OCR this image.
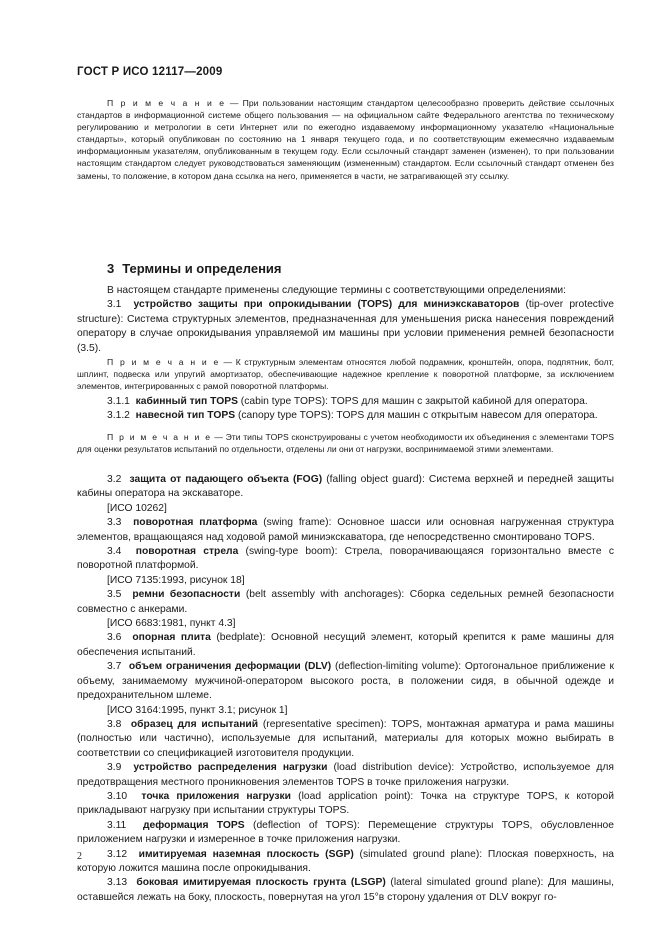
ГОСТ Р ИСО 12117—2009

П р и м е ч а н и е — При пользовании настоящим стандартом целесообразно проверить действие ссылочных стандартов в информационной системе общего пользования — на официальном сайте Федерального агентства по техническому регулированию и метрологии в сети Интернет или по ежегодно издаваемому информационному указателю «Национальные стандарты», который опубликован по состоянию на 1 января текущего года, и по соответствующим ежемесячно издаваемым информационным указателям, опубликованным в текущем году. Если ссылочный стандарт заменен (изменен), то при пользовании настоящим стандартом следует руководствоваться заменяющим (измененным) стандартом. Если ссылочный стандарт отменен без замены, то положение, в котором дана ссылка на него, применяется в части, не затрагивающей эту ссылку.

3 Термины и определения

В настоящем стандарте применены следующие термины с соответствующими определениями:

3.1 устройство защиты при опрокидывании (TOPS) для миниэкскаваторов (tip-over protective structure): Система структурных элементов, предназначенная для уменьшения риска нанесения повреждений оператору в случае опрокидывания управляемой им машины при условии применения ремней безопасности (3.5).

П р и м е ч а н и е — К структурным элементам относятся любой подрамник, кронштейн, опора, подпятник, болт, шплинт, подвеска или упругий амортизатор, обеспечивающие надежное крепление к поворотной платформе, за исключением элементов, интегрированных с рамой поворотной платформы.

3.1.1 кабинный тип TOPS (cabin type TOPS): TOPS для машин с закрытой кабиной для оператора.

3.1.2 навесной тип TOPS (canopy type TOPS): TOPS для машин с открытым навесом для оператора.

П р и м е ч а н и е — Эти типы TOPS сконструированы с учетом необходимости их объединения с элементами TOPS для оценки результатов испытаний по отдельности, отделены ли они от нагрузки, воспринимаемой этими элементами.

3.2 защита от падающего объекта (FOG) (falling object guard): Система верхней и передней защиты кабины оператора на экскаваторе.

[ИСО 10262]

3.3 поворотная платформа (swing frame): Основное шасси или основная нагруженная структура элементов, вращающаяся над ходовой рамой миниэкскаватора, где непосредственно смонтировано TOPS.

3.4 поворотная стрела (swing-type boom): Стрела, поворачивающаяся горизонтально вместе с поворотной платформой.

[ИСО 7135:1993, рисунок 18]

3.5 ремни безопасности (belt assembly with anchorages): Сборка седельных ремней безопасности совместно с анкерами.

[ИСО 6683:1981, пункт 4.3]

3.6 опорная плита (bedplate): Основной несущий элемент, который крепится к раме машины для обеспечения испытаний.

3.7 объем ограничения деформации (DLV) (deflection-limiting volume): Ортогональное приближение к объему, занимаемому мужчиной-оператором высокого роста, в положении сидя, в обычной одежде и предохранительном шлеме.

[ИСО 3164:1995, пункт 3.1; рисунок 1]

3.8 образец для испытаний (representative specimen): TOPS, монтажная арматура и рама машины (полностью или частично), используемые для испытаний, материалы для которых можно выбирать в соответствии со спецификацией изготовителя продукции.

3.9 устройство распределения нагрузки (load distribution device): Устройство, используемое для предотвращения местного проникновения элементов TOPS в точке приложения нагрузки.

3.10 точка приложения нагрузки (load application point): Точка на структуре TOPS, к которой прикладывают нагрузку при испытании структуры TOPS.

3.11 деформация TOPS (deflection of TOPS): Перемещение структуры TOPS, обусловленное приложением нагрузки и измеренное в точке приложения нагрузки.

3.12 имитируемая наземная плоскость (SGP) (simulated ground plane): Плоская поверхность, на которую ложится машина после опрокидывания.

3.13 боковая имитируемая плоскость грунта (LSGP) (lateral simulated ground plane): Для машины, оставшейся лежать на боку, плоскость, повернутая на угол 15°в сторону удаления от DLV вокруг го-

2
